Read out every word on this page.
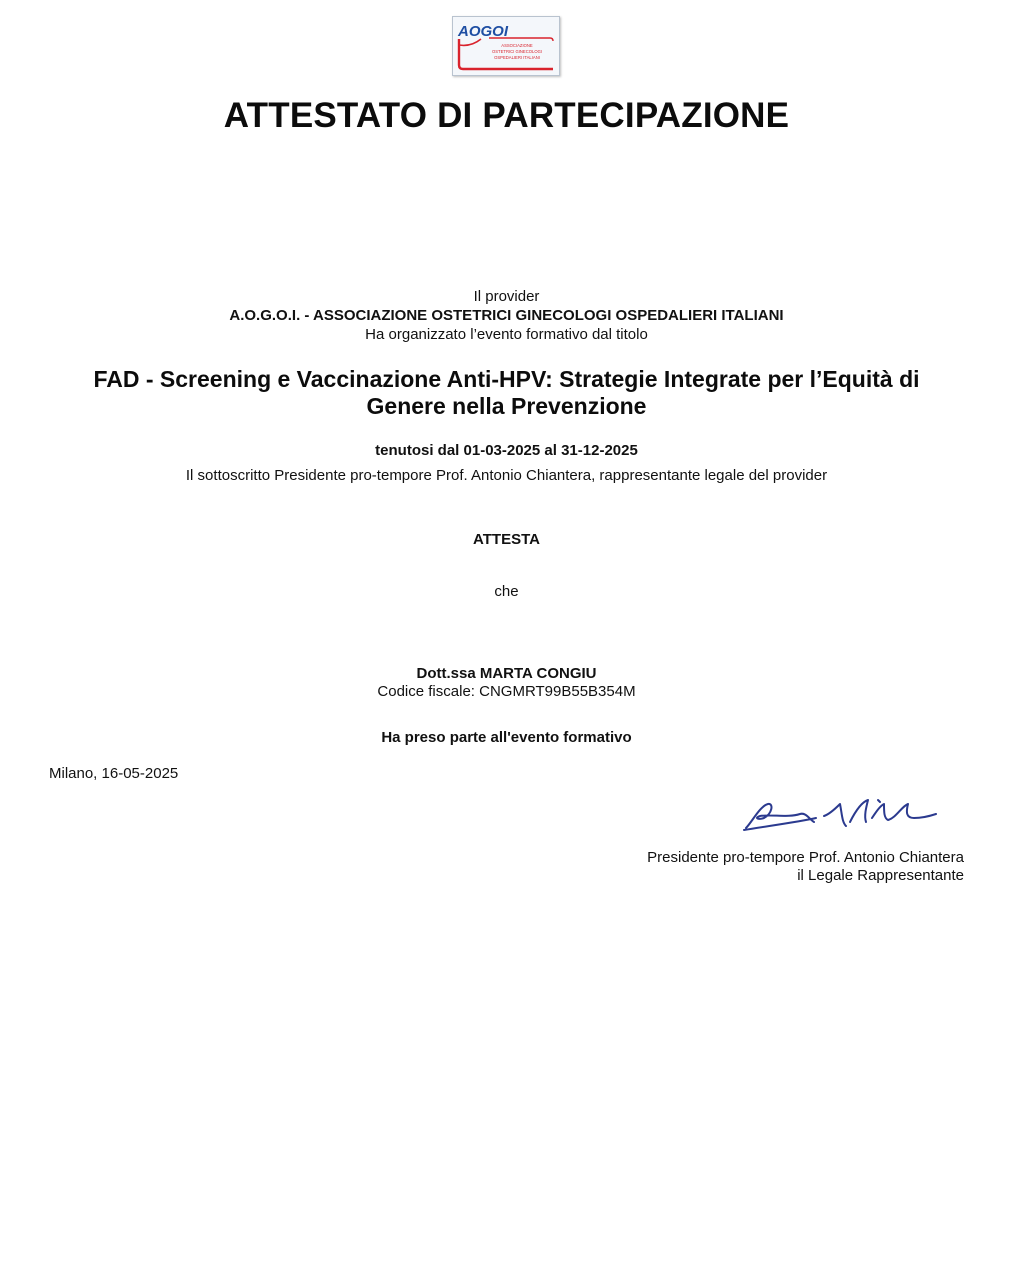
AOGOI
ASSOCIAZIONE
OSTETRICI GINECOLOGI
OSPEDALIERI ITALIANI
ATTESTATO DI PARTECIPAZIONE
Il provider
A.O.G.O.I. - ASSOCIAZIONE OSTETRICI GINECOLOGI OSPEDALIERI ITALIANI
Ha organizzato l’evento formativo dal titolo
FAD - Screening e Vaccinazione Anti-HPV: Strategie Integrate per l’Equità di
Genere nella Prevenzione
tenutosi dal 01-03-2025 al 31-12-2025
Il sottoscritto Presidente pro-tempore Prof. Antonio Chiantera, rappresentante legale del provider
ATTESTA
che
Dott.ssa MARTA CONGIU
Codice fiscale: CNGMRT99B55B354M
Ha preso parte all'evento formativo
Milano, 16-05-2025
Presidente pro-tempore Prof. Antonio Chiantera
il Legale Rappresentante
